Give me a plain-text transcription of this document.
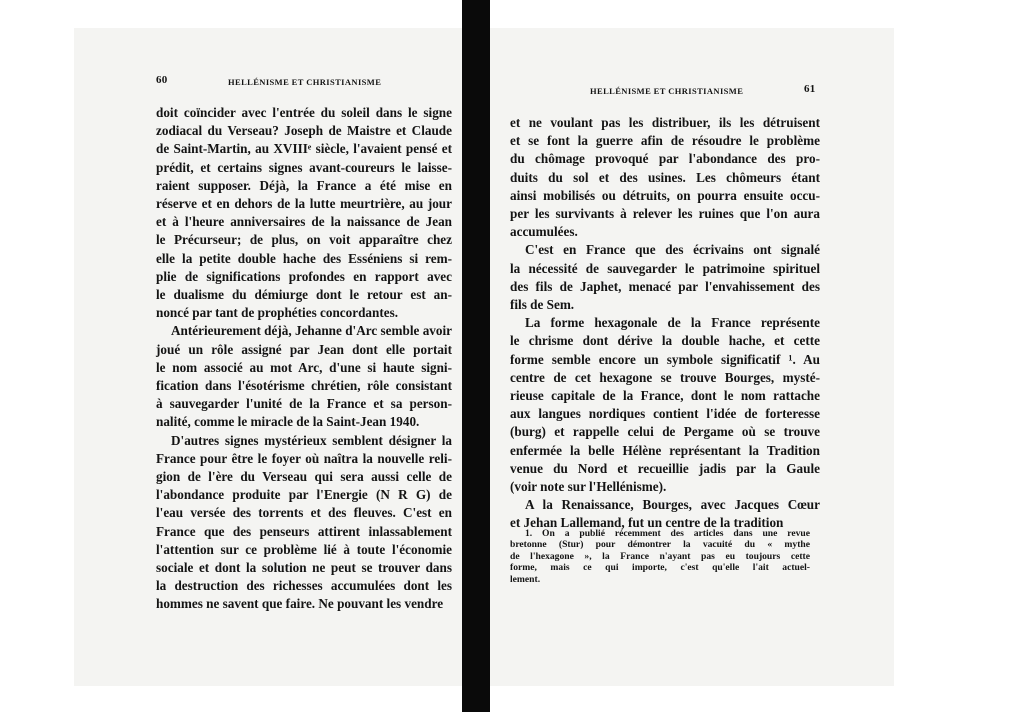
60	HELLÉNISME ET CHRISTIANISME
doit coïncider avec l'entrée du soleil dans le signe
zodiacal du Verseau? Joseph de Maistre et Claude
de Saint-Martin, au XVIIIᵉ siècle, l'avaient pensé et
prédit, et certains signes avant-coureurs le laisse-
raient supposer. Déjà, la France a été mise en
réserve et en dehors de la lutte meurtrière, au jour
et à l'heure anniversaires de la naissance de Jean
le Précurseur; de plus, on voit apparaître chez
elle la petite double hache des Esséniens si rem-
plie de significations profondes en rapport avec
le dualisme du démiurge dont le retour est an-
noncé par tant de prophéties concordantes.
Antérieurement déjà, Jehanne d'Arc semble avoir
joué un rôle assigné par Jean dont elle portait
le nom associé au mot Arc, d'une si haute signi-
fication dans l'ésotérisme chrétien, rôle consistant
à sauvegarder l'unité de la France et sa person-
nalité, comme le miracle de la Saint-Jean 1940.
D'autres signes mystérieux semblent désigner la
France pour être le foyer où naîtra la nouvelle reli-
gion de l'ère du Verseau qui sera aussi celle de
l'abondance produite par l'Energie (N R G) de
l'eau versée des torrents et des fleuves. C'est en
France que des penseurs attirent inlassablement
l'attention sur ce problème lié à toute l'économie
sociale et dont la solution ne peut se trouver dans
la destruction des richesses accumulées dont les
hommes ne savent que faire. Ne pouvant les vendre
HELLÉNISME ET CHRISTIANISME	61
et ne voulant pas les distribuer, ils les détruisent
et se font la guerre afin de résoudre le problème
du chômage provoqué par l'abondance des pro-
duits du sol et des usines. Les chômeurs étant
ainsi mobilisés ou détruits, on pourra ensuite occu-
per les survivants à relever les ruines que l'on aura
accumulées.
C'est en France que des écrivains ont signalé
la nécessité de sauvegarder le patrimoine spirituel
des fils de Japhet, menacé par l'envahissement des
fils de Sem.
La forme hexagonale de la France représente
le chrisme dont dérive la double hache, et cette
forme semble encore un symbole significatif ¹. Au
centre de cet hexagone se trouve Bourges, mysté-
rieuse capitale de la France, dont le nom rattache
aux langues nordiques contient l'idée de forteresse
(burg) et rappelle celui de Pergame où se trouve
enfermée la belle Hélène représentant la Tradition
venue du Nord et recueillie jadis par la Gaule
(voir note sur l'Hellénisme).
A la Renaissance, Bourges, avec Jacques Cœur
et Jehan Lallemand, fut un centre de la tradition
1. On a publié récemment des articles dans une revue
bretonne (Stur) pour démontrer la vacuité du « mythe
de l'hexagone », la France n'ayant pas eu toujours cette
forme, mais ce qui importe, c'est qu'elle l'ait actuel-
lement.
